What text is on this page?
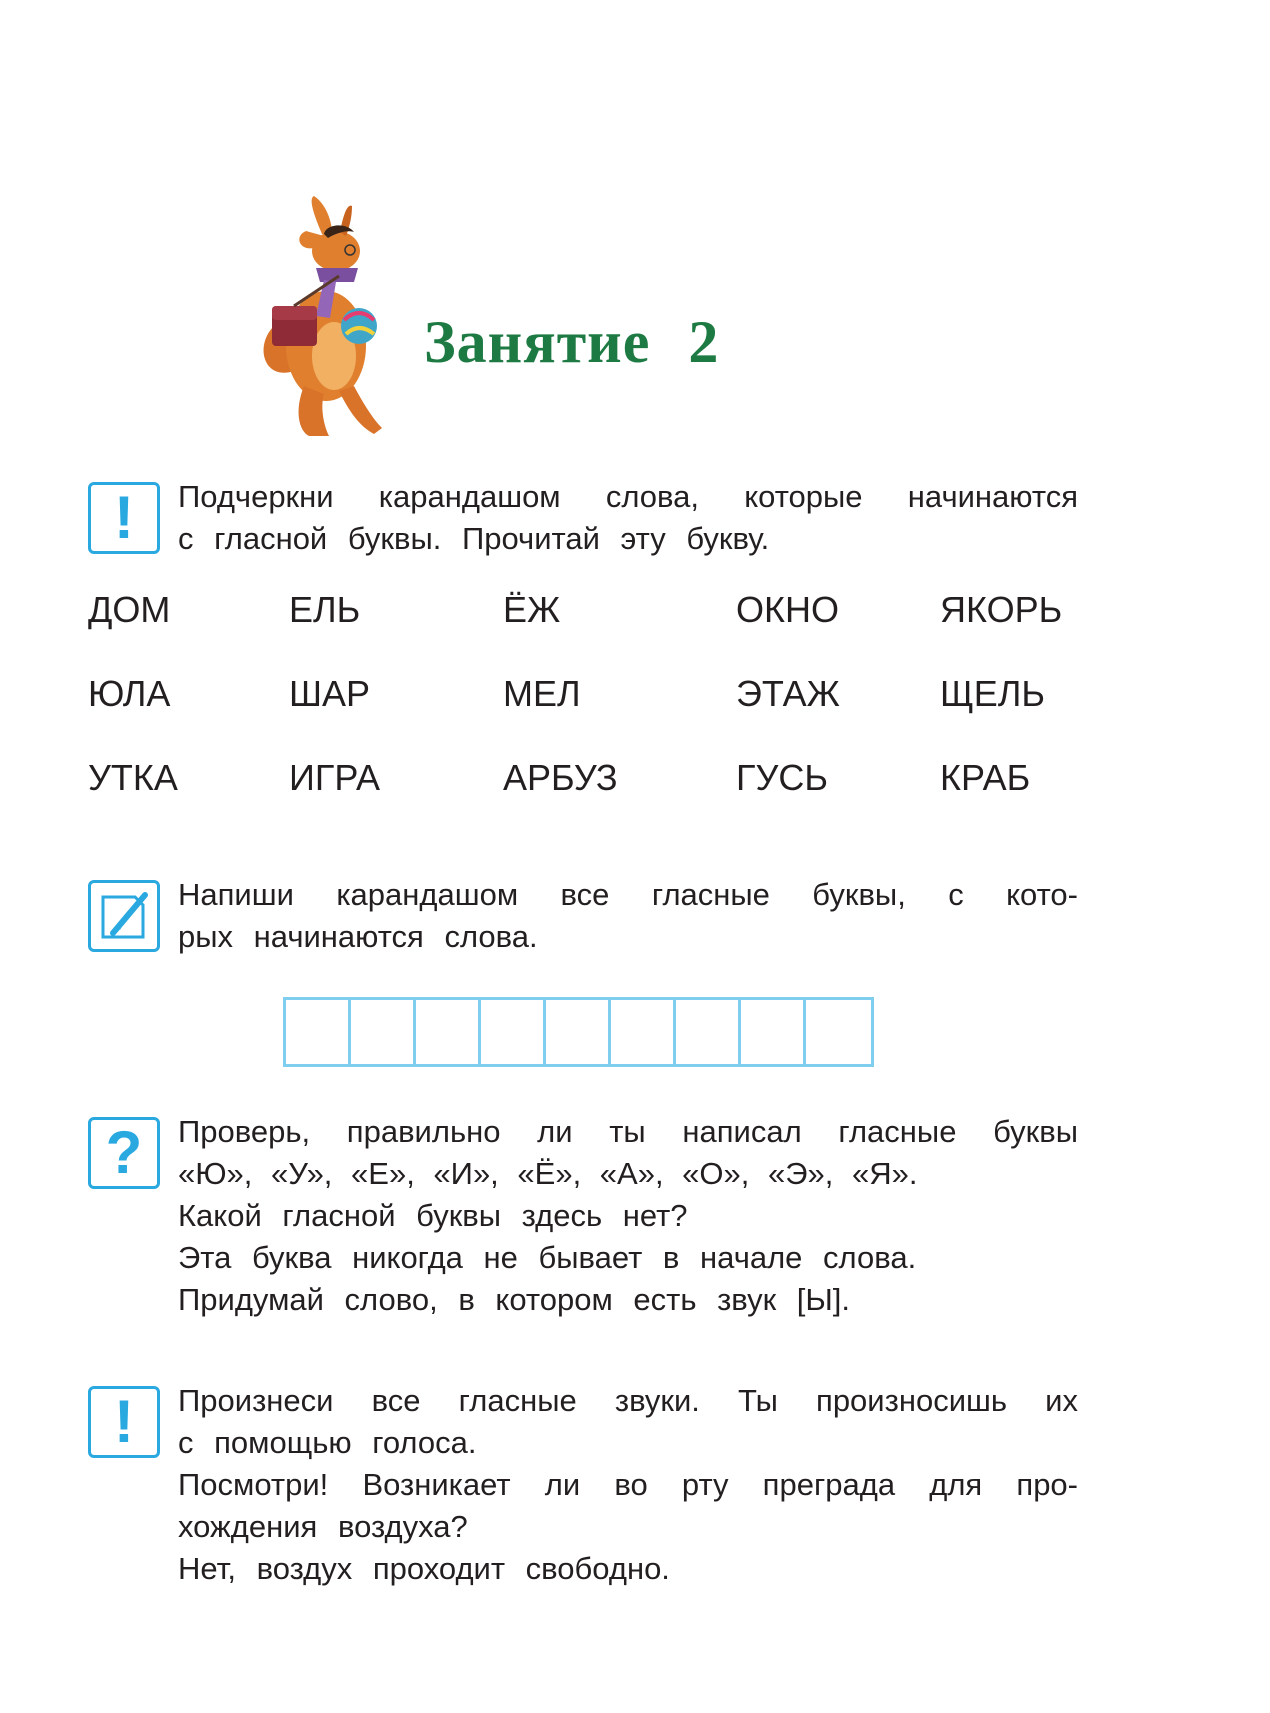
Занятие 2
! Подчеркни карандашом слова, которые начинаются
с гласной буквы. Прочитай эту букву.
ДОМ	ЕЛЬ	ЁЖ	ОКНО	ЯКОРЬ
ЮЛА	ШАР	МЕЛ	ЭТАЖ	ЩЕЛЬ
УТКА	ИГРА	АРБУЗ	ГУСЬ	КРАБ
Напиши карандашом все гласные буквы, с кото-
рых начинаются слова.
? Проверь, правильно ли ты написал гласные буквы
«Ю», «У», «Е», «И», «Ё», «А», «О», «Э», «Я».
Какой гласной буквы здесь нет?
Эта буква никогда не бывает в начале слова.
Придумай слово, в котором есть звук [Ы].
! Произнеси все гласные звуки. Ты произносишь их
с помощью голоса.
Посмотри! Возникает ли во рту преграда для про-
хождения воздуха?
Нет, воздух проходит свободно.
